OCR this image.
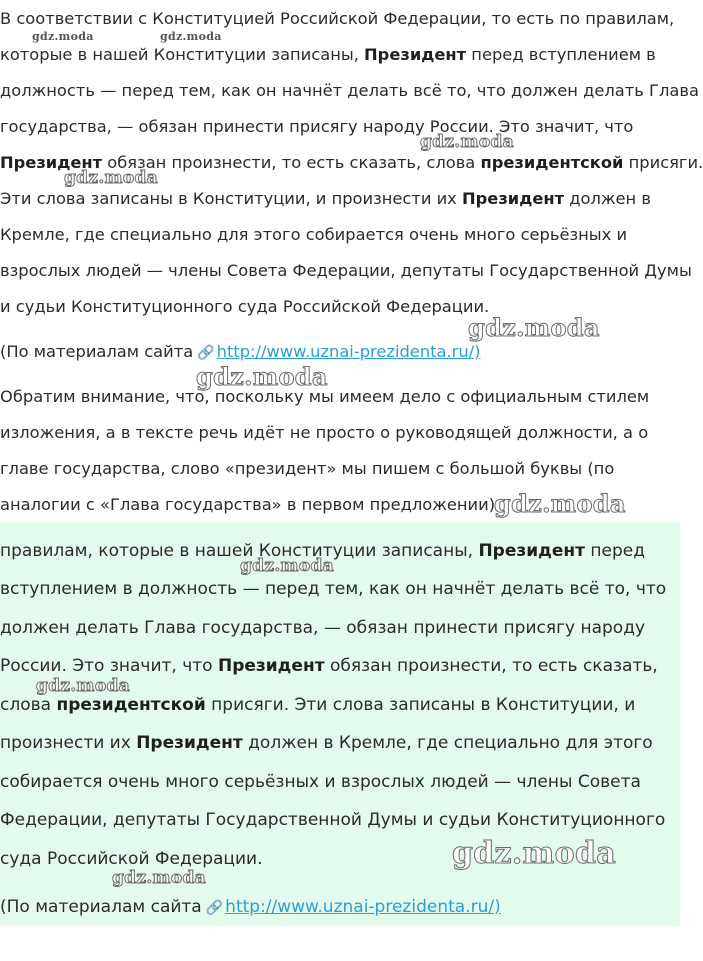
В соответствии с Конституцией Российской Федерации, то есть по правилам,
которые в нашей Конституции записаны, Президент перед вступлением в
должность — перед тем, как он начнёт делать всё то, что должен делать Глава
государства, — обязан принести присягу народу России. Это значит, что
Президент обязан произнести, то есть сказать, слова президентской присяги.
Эти слова записаны в Конституции, и произнести их Президент должен в
Кремле, где специально для этого собирается очень много серьёзных и
взрослых людей — члены Совета Федерации, депутаты Государственной Думы
и судьи Конституционного суда Российской Федерации.
(По материалам сайта 🔗 http://www.uznai-prezidenta.ru/)
Обратим внимание, что, поскольку мы имеем дело с официальным стилем
изложения, а в тексте речь идёт не просто о руководящей должности, а о
главе государства, слово «президент» мы пишем с большой буквы (по
аналогии с «Глава государства» в первом предложении).
правилам, которые в нашей Конституции записаны, Президент перед
вступлением в должность — перед тем, как он начнёт делать всё то, что
должен делать Глава государства, — обязан принести присягу народу
России. Это значит, что Президент обязан произнести, то есть сказать,
слова президентской присяги. Эти слова записаны в Конституции, и
произнести их Президент должен в Кремле, где специально для этого
собирается очень много серьёзных и взрослых людей — члены Совета
Федерации, депутаты Государственной Думы и судьи Конституционного
суда Российской Федерации.
(По материалам сайта 🔗 http://www.uznai-prezidenta.ru/)
gdz.moda	gdz.moda
gdz.moda
gdz.moda
gdz.moda
gdz.moda
gdz.moda
gdz.moda
gdz.moda
gdz.moda
gdz.moda
